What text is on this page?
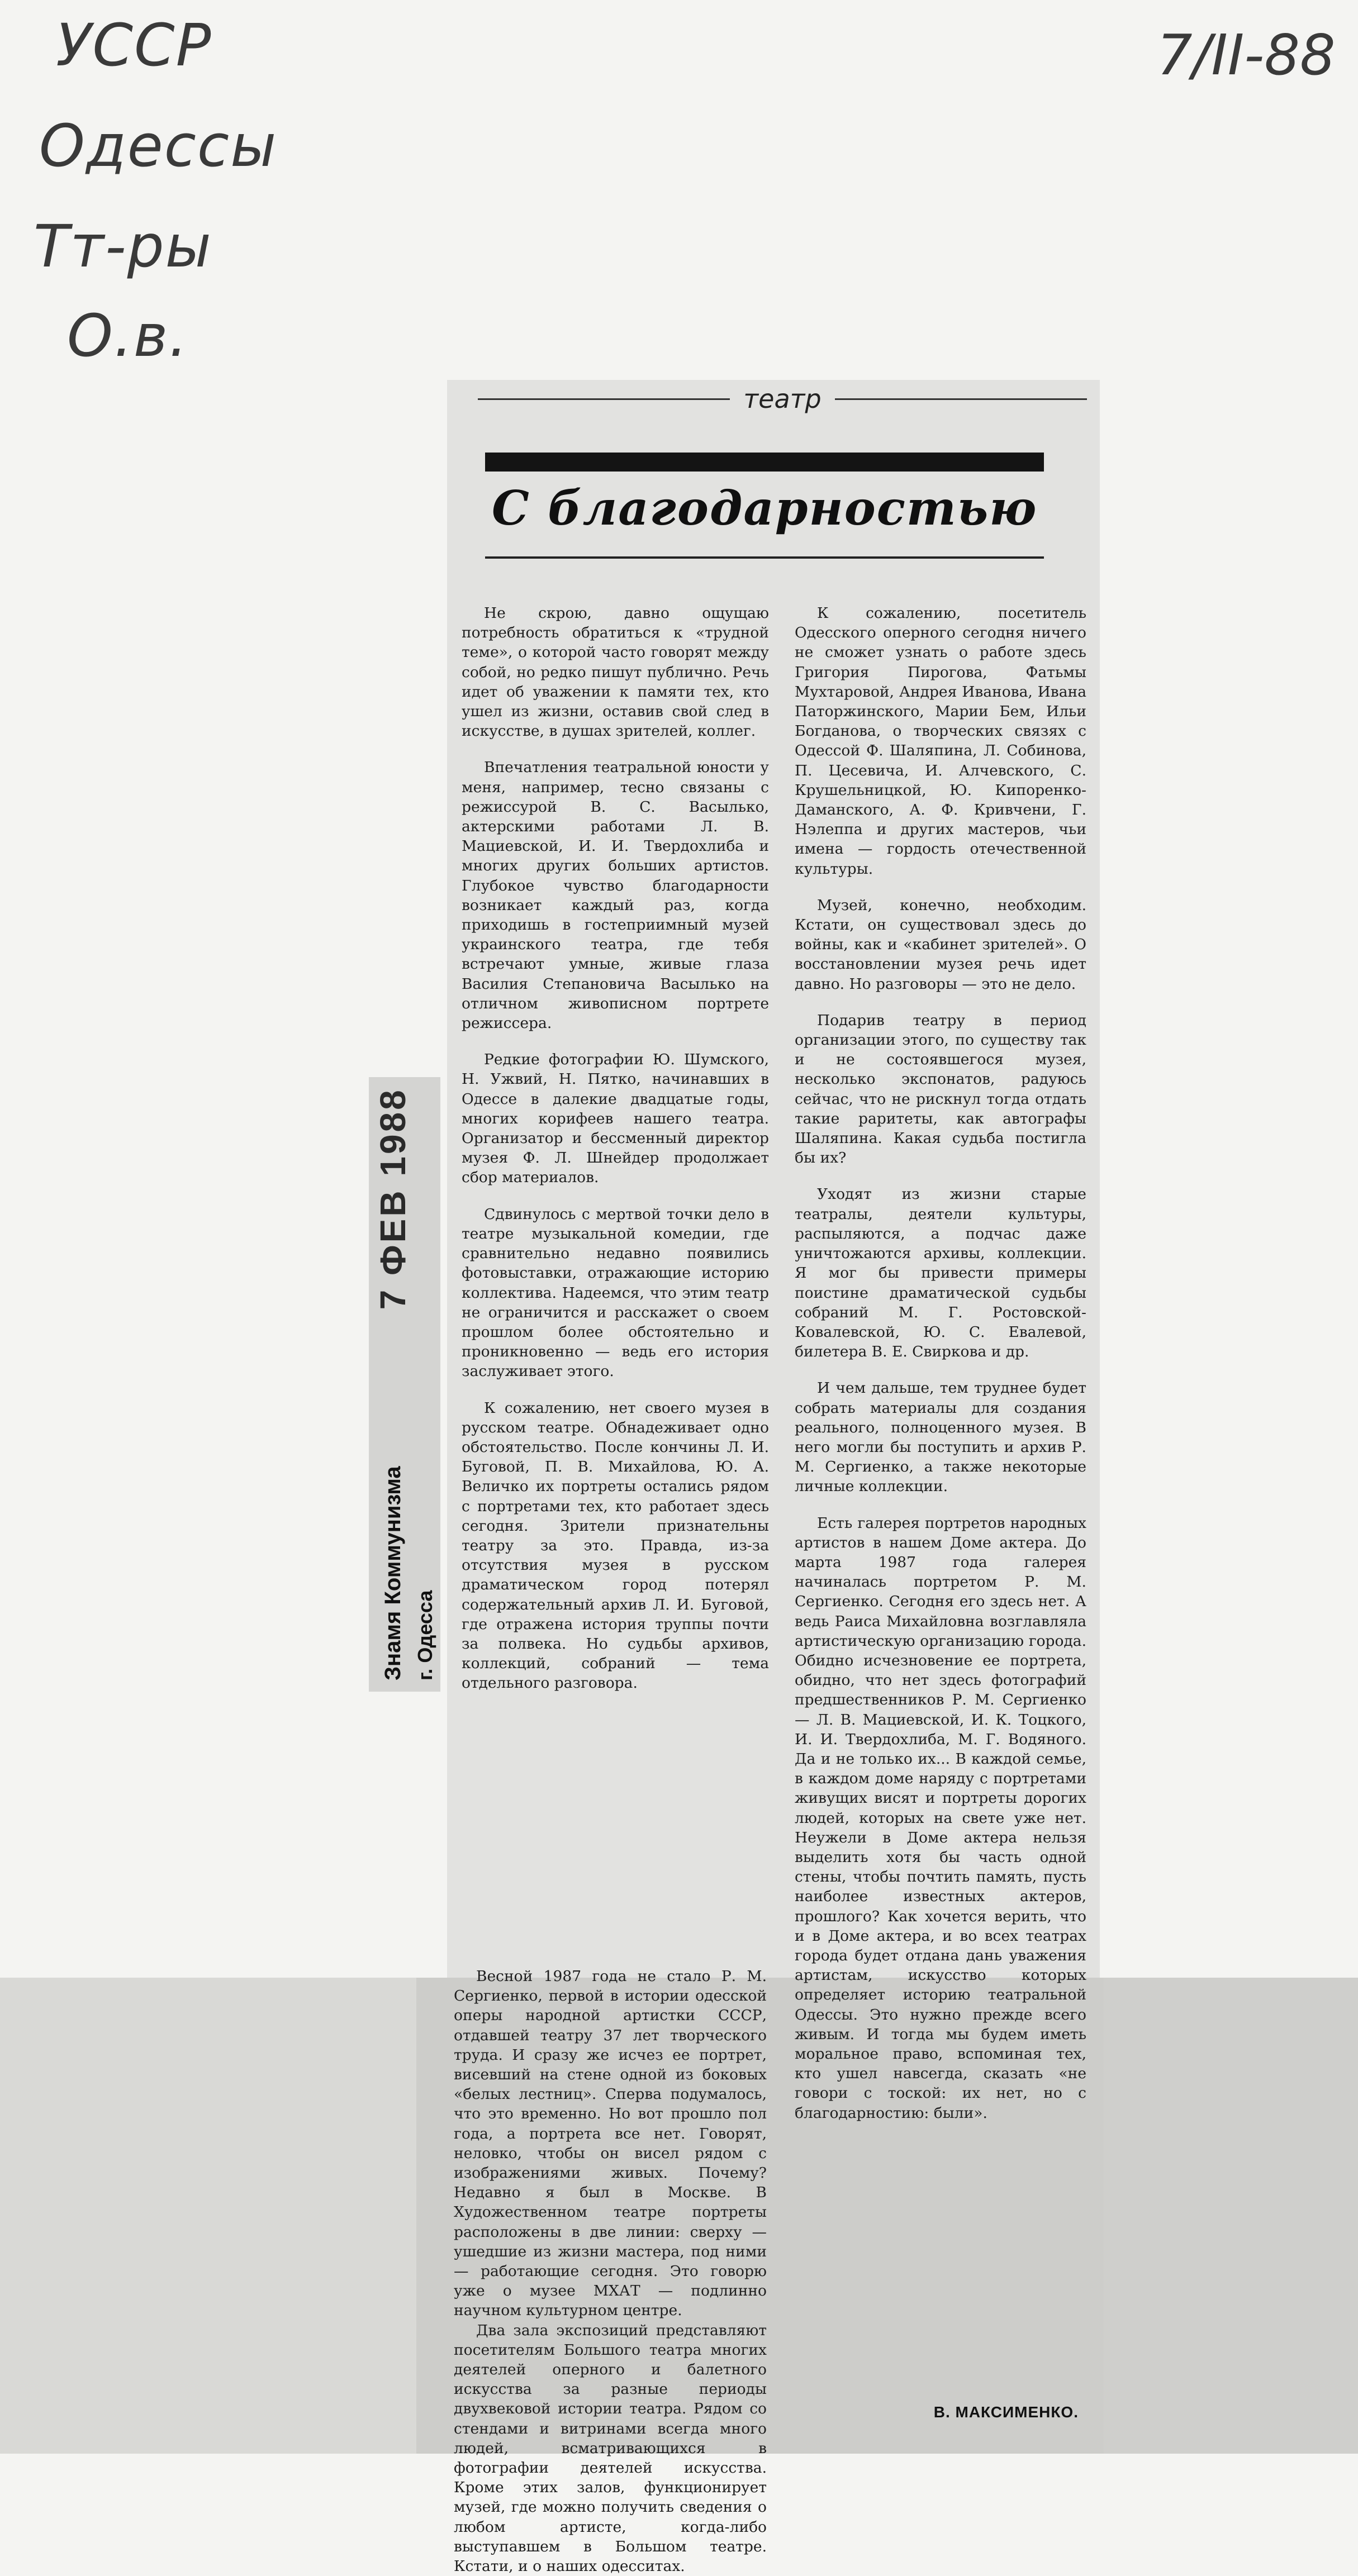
УССР
Одессы
Тт-ры
О.в.
7/II-88
Знамя Коммунизма
7 ФЕВ 1988
г. Одесса
театр
С благодарностью

Не скрою, давно ощущаю потребность обратиться к «трудной теме», о которой часто говорят между собой, но редко пишут публично. Речь идет об уважении к памяти тех, кто ушел из жизни, оставив свой след в искусстве, в душах зрителей, коллег.

Впечатления театральной юности у меня, например, тесно связаны с режиссурой В. С. Васылько, актерскими работами Л. В. Мациевской, И. И. Твердохлиба и многих других больших артистов. Глубокое чувство благодарности возникает каждый раз, когда приходишь в гостеприимный музей украинского театра, где тебя встречают умные, живые глаза Василия Степановича Васылько на отличном живописном портрете режиссера.

Редкие фотографии Ю. Шумского, Н. Ужвий, Н. Пятко, начинавших в Одессе в далекие двадцатые годы, многих корифеев нашего театра. Организатор и бессменный директор музея Ф. Л. Шнейдер продолжает сбор материалов.

Сдвинулось с мертвой точки дело в театре музыкальной комедии, где сравнительно недавно появились фотовыставки, отражающие историю коллектива. Надеемся, что этим театр не ограничится и расскажет о своем прошлом более обстоятельно и проникновенно — ведь его история заслуживает этого.

К сожалению, нет своего музея в русском театре. Обнадеживает одно обстоятельство. После кончины Л. И. Буговой, П. В. Михайлова, Ю. А. Величко их портреты остались рядом с портретами тех, кто работает здесь сегодня. Зрители признательны театру за это. Правда, из-за отсутствия музея в русском драматическом город потерял содержательный архив Л. И. Буговой, где отражена история труппы почти за полвека. Но судьбы архивов, коллекций, собраний — тема отдельного разговора.

Весной 1987 года не стало Р. М. Сергиенко, первой в истории одесской оперы народной артистки СССР, отдавшей театру 37 лет творческого труда. И сразу же исчез ее портрет, висевший на стене одной из боковых «белых лестниц». Сперва подумалось, что это временно. Но вот прошло пол года, а портрета все нет. Говорят, неловко, чтобы он висел рядом с изображениями живых. Почему? Недавно я был в Москве. В Художественном театре портреты расположены в две линии: сверху — ушедшие из жизни мастера, под ними — работающие сегодня. Это говорю уже о музее МХАТ — подлинно научном культурном центре.

Два зала экспозиций представляют посетителям Большого театра многих деятелей оперного и балетного искусства за разные периоды двухвековой истории театра. Рядом со стендами и витринами всегда много людей, всматривающихся в фотографии деятелей искусства. Кроме этих залов, функционирует музей, где можно получить сведения о любом артисте, когда-либо выступавшем в Большом театре. Кстати, и о наших одесситах.

К сожалению, посетитель Одесского оперного сегодня ничего не сможет узнать о работе здесь Григория Пирогова, Фатьмы Мухтаровой, Андрея Иванова, Ивана Паторжинского, Марии Бем, Ильи Богданова, о творческих связях с Одессой Ф. Шаляпина, Л. Собинова, П. Цесевича, И. Алчевского, С. Крушельницкой, Ю. Кипоренко-Даманского, А. Ф. Кривчени, Г. Нэлеппа и других мастеров, чьи имена — гордость отечественной культуры.

Музей, конечно, необходим. Кстати, он существовал здесь до войны, как и «кабинет зрителей». О восстановлении музея речь идет давно. Но разговоры — это не дело.

Подарив театру в период организации этого, по существу так и не состоявшегося музея, несколько экспонатов, радуюсь сейчас, что не рискнул тогда отдать такие раритеты, как автографы Шаляпина. Какая судьба постигла бы их?

Уходят из жизни старые театралы, деятели культуры, распыляются, а подчас даже уничтожаются архивы, коллекции. Я мог бы привести примеры поистине драматической судьбы собраний М. Г. Ростовской-Ковалевской, Ю. С. Евалевой, билетера В. Е. Свиркова и др.

И чем дальше, тем труднее будет собрать материалы для создания реального, полноценного музея. В него могли бы поступить и архив Р. М. Сергиенко, а также некоторые личные коллекции.

Есть галерея портретов народных артистов в нашем Доме актера. До марта 1987 года галерея начиналась портретом Р. М. Сергиенко. Сегодня его здесь нет. А ведь Раиса Михайловна возглавляла артистическую организацию города. Обидно исчезновение ее портрета, обидно, что нет здесь фотографий предшественников Р. М. Сергиенко — Л. В. Мациевской, И. К. Тоцкого, И. И. Твердохлиба, М. Г. Водяного. Да и не только их... В каждой семье, в каждом доме наряду с портретами живущих висят и портреты дорогих людей, которых на свете уже нет. Неужели в Доме актера нельзя выделить хотя бы часть одной стены, чтобы почтить память, пусть наиболее известных актеров, прошлого? Как хочется верить, что и в Доме актера, и во всех театрах города будет отдана дань уважения артистам, искусство которых определяет историю театральной Одессы. Это нужно прежде всего живым. И тогда мы будем иметь моральное право, вспоминая тех, кто ушел навсегда, сказать «не говори с тоской: их нет, но с благодарностию: были».

В. МАКСИМЕНКО.
